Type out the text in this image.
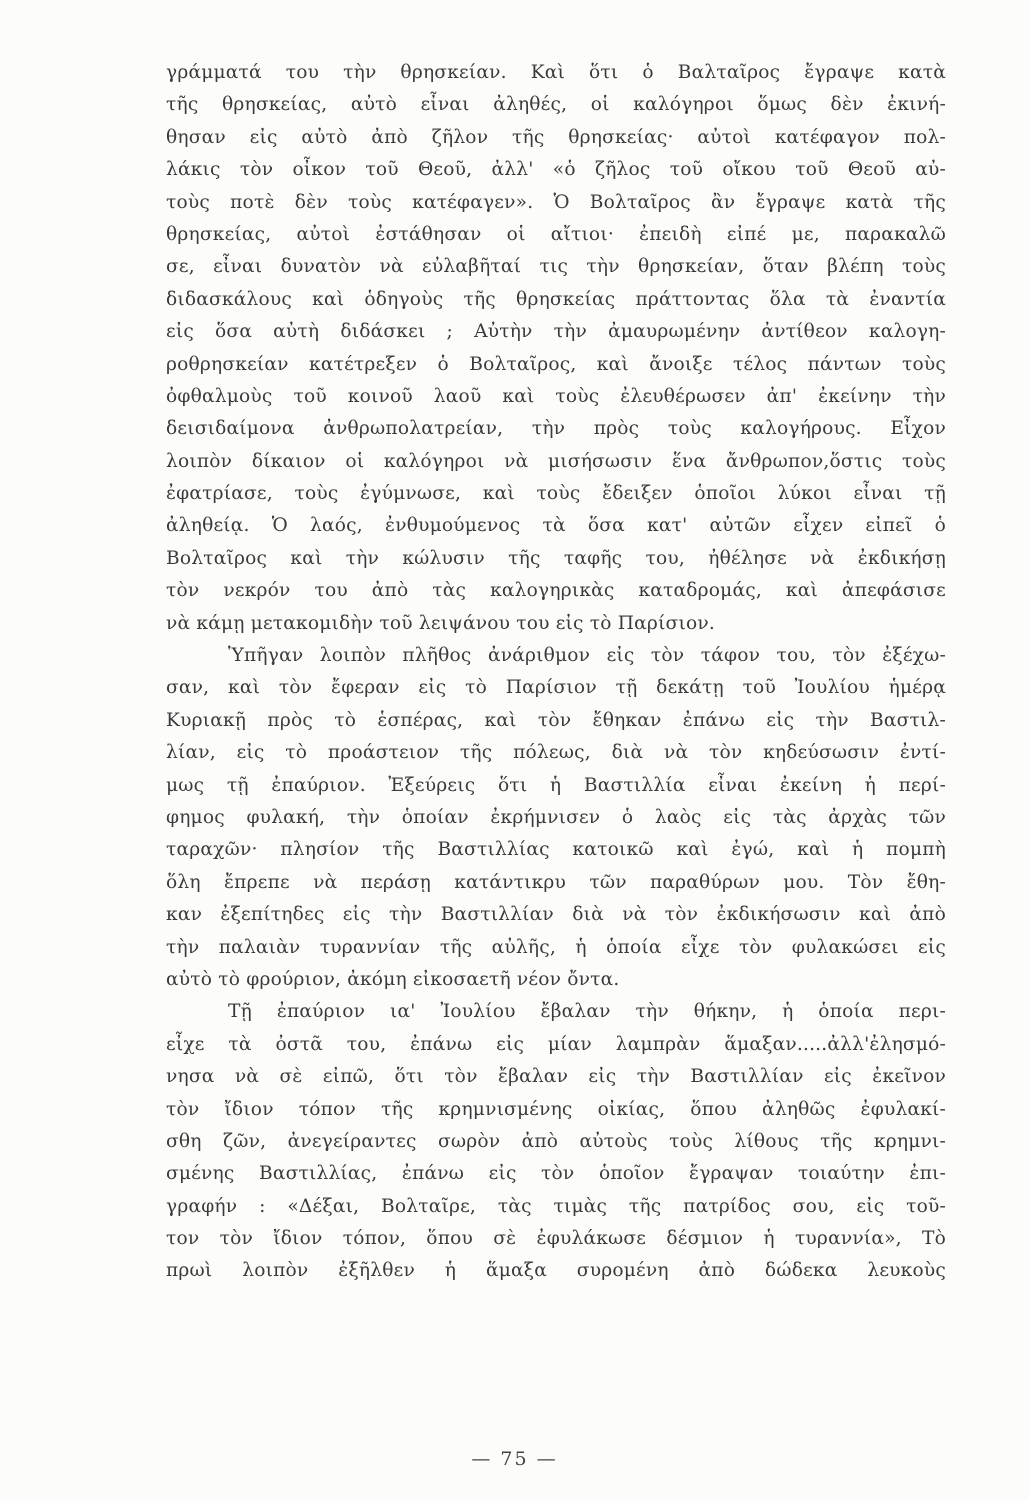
γράμματά του τὴν θρησκείαν. Καὶ ὅτι ὁ Βαλταῖρος ἔγραψε κατὰ
τῆς θρησκείας, αὐτὸ εἶναι ἀληθές, οἱ καλόγηροι ὅμως δὲν ἐκινή-
θησαν εἰς αὐτὸ ἀπὸ ζῆλον τῆς θρησκείας· αὐτοὶ κατέφαγον πολ-
λάκις τὸν οἶκον τοῦ Θεοῦ, ἀλλ' «ὁ ζῆλος τοῦ οἴκου τοῦ Θεοῦ αὐ-
τοὺς ποτὲ δὲν τοὺς κατέφαγεν». Ὁ Βολταῖρος ἂν ἔγραψε κατὰ τῆς
θρησκείας, αὐτοὶ ἐστάθησαν οἱ αἴτιοι· ἐπειδὴ εἰπέ με, παρακαλῶ
σε, εἶναι δυνατὸν νὰ εὐλαβῆταί τις τὴν θρησκείαν, ὅταν βλέπη τοὺς
διδασκάλους καὶ ὁδηγοὺς τῆς θρησκείας πράττοντας ὅλα τὰ ἐναντία
εἰς ὅσα αὐτὴ διδάσκει ; Αὐτὴν τὴν ἀμαυρωμένην ἀντίθεον καλογη-
ροθρησκείαν κατέτρεξεν ὁ Βολταῖρος, καὶ ἄνοιξε τέλος πάντων τοὺς
ὀφθαλμοὺς τοῦ κοινοῦ λαοῦ καὶ τοὺς ἐλευθέρωσεν ἀπ' ἐκείνην τὴν
δεισιδαίμονα ἀνθρωπολατρείαν, τὴν πρὸς τοὺς καλογήρους. Εἶχον
λοιπὸν δίκαιον οἱ καλόγηροι νὰ μισήσωσιν ἕνα ἄνθρωπον,ὅστις τοὺς
ἐφατρίασε, τοὺς ἐγύμνωσε, καὶ τοὺς ἔδειξεν ὁποῖοι λύκοι εἶναι τῇ
ἀληθείᾳ. Ὁ λαός, ἐνθυμούμενος τὰ ὅσα κατ' αὐτῶν εἶχεν εἰπεῖ ὁ
Βολταῖρος καὶ τὴν κώλυσιν τῆς ταφῆς του, ἠθέλησε νὰ ἐκδικήσῃ
τὸν νεκρόν του ἀπὸ τὰς καλογηρικὰς καταδρομάς, καὶ ἀπεφάσισε
νὰ κάμῃ μετακομιδὴν τοῦ λειψάνου του εἰς τὸ Παρίσιον.
Ὑπῆγαν λοιπὸν πλῆθος ἀνάριθμον εἰς τὸν τάφον του, τὸν ἐξέχω-
σαν, καὶ τὸν ἔφεραν εἰς τὸ Παρίσιον τῇ δεκάτῃ τοῦ Ἰουλίου ἡμέρᾳ
Κυριακῇ πρὸς τὸ ἑσπέρας, καὶ τὸν ἔθηκαν ἐπάνω εἰς τὴν Βαστιλ-
λίαν, εἰς τὸ προάστειον τῆς πόλεως, διὰ νὰ τὸν κηδεύσωσιν ἐντί-
μως τῇ ἐπαύριον. Ἐξεύρεις ὅτι ἡ Βαστιλλία εἶναι ἐκείνη ἡ περί-
φημος φυλακή, τὴν ὁποίαν ἐκρήμνισεν ὁ λαὸς εἰς τὰς ἀρχὰς τῶν
ταραχῶν· πλησίον τῆς Βαστιλλίας κατοικῶ καὶ ἐγώ, καὶ ἡ πομπὴ
ὅλη ἔπρεπε νὰ περάσῃ κατάντικρυ τῶν παραθύρων μου. Τὸν ἔθη-
καν ἐξεπίτηδες εἰς τὴν Βαστιλλίαν διὰ νὰ τὸν ἐκδικήσωσιν καὶ ἀπὸ
τὴν παλαιὰν τυραννίαν τῆς αὐλῆς, ἡ ὁποία εἶχε τὸν φυλακώσει εἰς
αὐτὸ τὸ φρούριον, ἀκόμη εἰκοσαετῆ νέον ὄντα.
Τῇ ἐπαύριον ια' Ἰουλίου ἔβαλαν τὴν θήκην, ἡ ὁποία περι-
εἶχε τὰ ὀστᾶ του, ἐπάνω εἰς μίαν λαμπρὰν ἅμαξαν.....ἀλλ'ἐλησμό-
νησα νὰ σὲ εἰπῶ, ὅτι τὸν ἔβαλαν εἰς τὴν Βαστιλλίαν εἰς ἐκεῖνον
τὸν ἴδιον τόπον τῆς κρημνισμένης οἰκίας, ὅπου ἀληθῶς ἐφυλακί-
σθη ζῶν, ἀνεγείραντες σωρὸν ἀπὸ αὐτοὺς τοὺς λίθους τῆς κρημνι-
σμένης Βαστιλλίας, ἐπάνω εἰς τὸν ὁποῖον ἔγραψαν τοιαύτην ἐπι-
γραφήν : «Δέξαι, Βολταῖρε, τὰς τιμὰς τῆς πατρίδος σου, εἰς τοῦ-
τον τὸν ἴδιον τόπον, ὅπου σὲ ἐφυλάκωσε δέσμιον ἡ τυραννία», Τὸ
πρωὶ λοιπὸν ἐξῆλθεν ἡ ἅμαξα συρομένη ἀπὸ δώδεκα λευκοὺς
— 75 —
